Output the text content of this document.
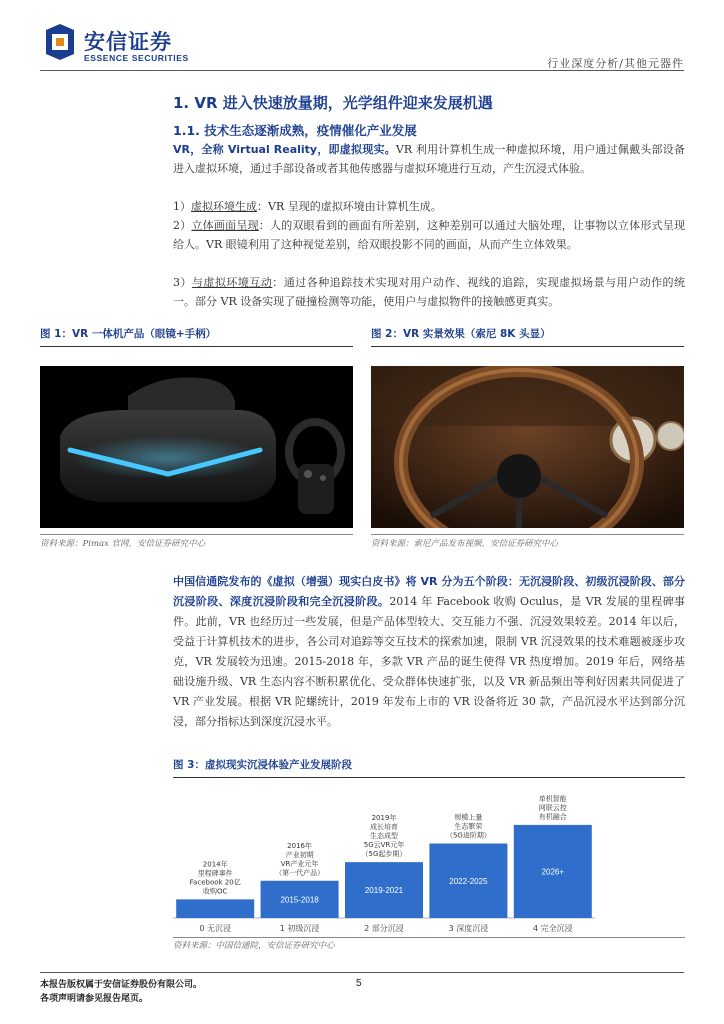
安信证券
ESSENCE SECURITIES	行业深度分析/其他元器件
1. VR 进入快速放量期，光学组件迎来发展机遇
1.1. 技术生态逐渐成熟，疫情催化产业发展
VR，全称 Virtual Reality，即虚拟现实。VR 利用计算机生成一种虚拟环境，用户通过佩戴头部设备进入虚拟环境，通过手部设备或者其他传感器与虚拟环境进行互动，产生沉浸式体验。
1）虚拟环境生成：VR 呈现的虚拟环境由计算机生成。
2）立体画面呈现：人的双眼看到的画面有所差别，这种差别可以通过大脑处理，让事物以立体形式呈现给人。VR 眼镜利用了这种视觉差别，给双眼投影不同的画面，从而产生立体效果。
3）与虚拟环境互动：通过各种追踪技术实现对用户动作、视线的追踪，实现虚拟场景与用户动作的统一。部分 VR 设备实现了碰撞检测等功能，使用户与虚拟物件的接触感更真实。
图 1：VR 一体机产品（眼镜+手柄）	图 2：VR 实景效果（索尼 8K 头显）
资料来源：Pimax 官网，安信证券研究中心	资料来源：索尼产品发布视频，安信证券研究中心
中国信通院发布的《虚拟（增强）现实白皮书》将 VR 分为五个阶段：无沉浸阶段、初级沉浸阶段、部分沉浸阶段、深度沉浸阶段和完全沉浸阶段。2014 年 Facebook 收购 Oculus，是 VR 发展的里程碑事件。此前，VR 也经历过一些发展，但是产品体型较大、交互能力不强、沉浸效果较差。2014 年以后，受益于计算机技术的进步，各公司对追踪等交互技术的探索加速，限制 VR 沉浸效果的技术难题被逐步攻克，VR 发展较为迅速。2015-2018 年，多款 VR 产品的诞生使得 VR 热度增加。2019 年后，网络基础设施升级、VR 生态内容不断积累优化、受众群体快速扩张，以及 VR 新品频出等利好因素共同促进了 VR 产业发展。根据 VR 陀螺统计，2019 年发布上市的 VR 设备将近 30 款，产品沉浸水平达到部分沉浸，部分指标达到深度沉浸水平。
图 3：虚拟现实沉浸体验产业发展阶段
0 无沉浸
2014年
里程碑事件
Facebook 20亿
收购OC
2015-2018
1 初级沉浸
2016年
产业初期
VR产业元年
（第一代产品）
2019-2021
2 部分沉浸
2019年
成长培育
生态成型
5G云VR元年
（5G起步期）
2022-2025
3 深度沉浸
规模上量
生态繁荣
（5G进阶期）
2026+
4 完全沉浸
单机智能
网联云控
有机融合
资料来源：中国信通院，安信证券研究中心
本报告版权属于安信证券股份有限公司。
各项声明请参见报告尾页。
5
